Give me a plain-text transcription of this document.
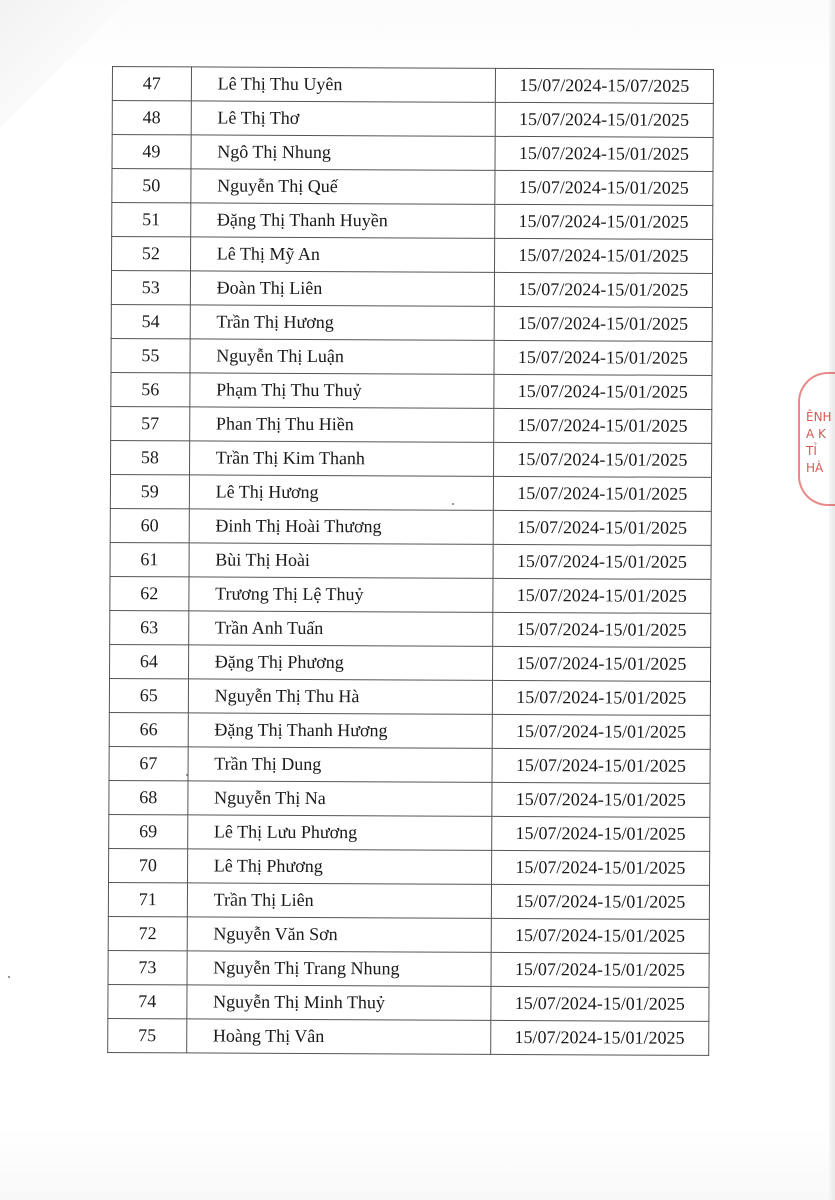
47	Lê Thị Thu Uyên	15/07/2024-15/07/2025
48	Lê Thị Thơ	15/07/2024-15/01/2025
49	Ngô Thị Nhung	15/07/2024-15/01/2025
50	Nguyễn Thị Quế	15/07/2024-15/01/2025
51	Đặng Thị Thanh Huyền	15/07/2024-15/01/2025
52	Lê Thị Mỹ An	15/07/2024-15/01/2025
53	Đoàn Thị Liên	15/07/2024-15/01/2025
54	Trần Thị Hương	15/07/2024-15/01/2025
55	Nguyễn Thị Luận	15/07/2024-15/01/2025
56	Phạm Thị Thu Thuỷ	15/07/2024-15/01/2025
57	Phan Thị Thu Hiền	15/07/2024-15/01/2025
58	Trần Thị Kim Thanh	15/07/2024-15/01/2025
59	Lê Thị Hương	15/07/2024-15/01/2025
60	Đinh Thị Hoài Thương	15/07/2024-15/01/2025
61	Bùi Thị Hoài	15/07/2024-15/01/2025
62	Trương Thị Lệ Thuỷ	15/07/2024-15/01/2025
63	Trần Anh Tuấn	15/07/2024-15/01/2025
64	Đặng Thị Phương	15/07/2024-15/01/2025
65	Nguyễn Thị Thu Hà	15/07/2024-15/01/2025
66	Đặng Thị Thanh Hương	15/07/2024-15/01/2025
67	Trần Thị Dung	15/07/2024-15/01/2025
68	Nguyễn Thị Na	15/07/2024-15/01/2025
69	Lê Thị Lưu Phương	15/07/2024-15/01/2025
70	Lê Thị Phương	15/07/2024-15/01/2025
71	Trần Thị Liên	15/07/2024-15/01/2025
72	Nguyễn Văn Sơn	15/07/2024-15/01/2025
73	Nguyễn Thị Trang Nhung	15/07/2024-15/01/2025
74	Nguyễn Thị Minh Thuỷ	15/07/2024-15/01/2025
75	Hoàng Thị Vân	15/07/2024-15/01/2025
ÊNH
A K
TỈ
HÀ
